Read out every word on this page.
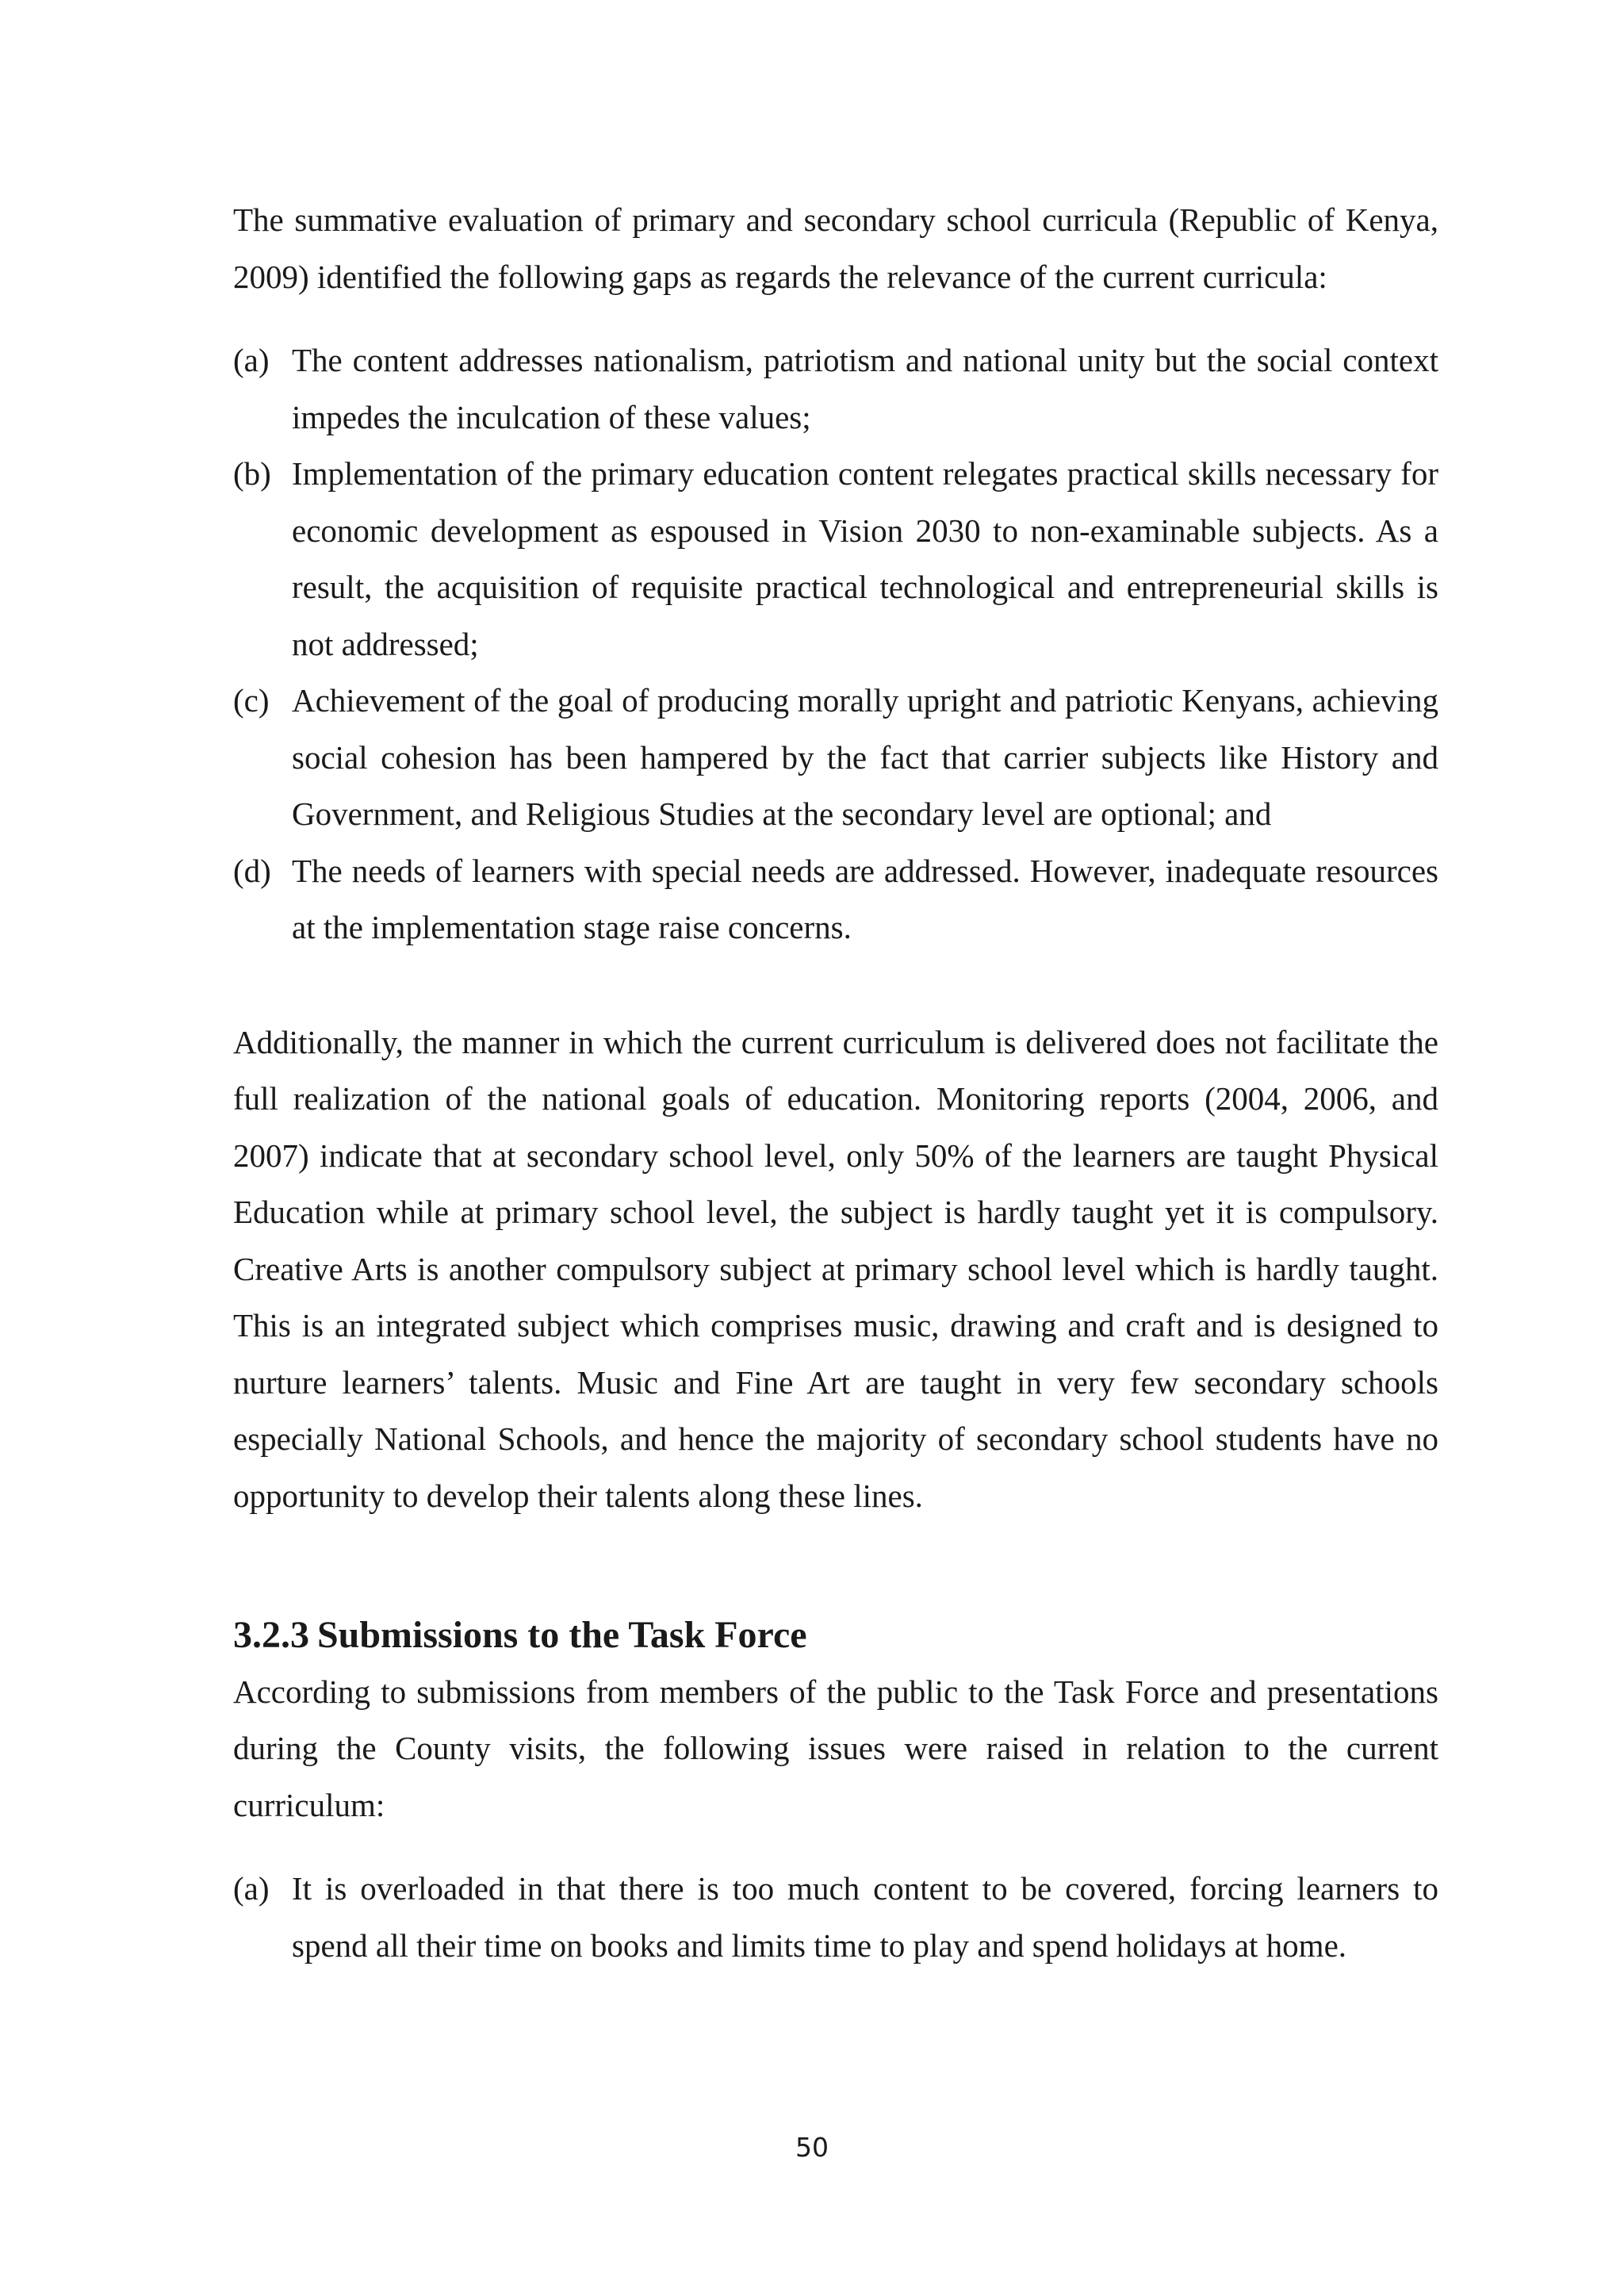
The summative evaluation of primary and secondary school curricula (Republic of Kenya, 2009) identified the following gaps as regards the relevance of the current curricula:

(a) The content addresses nationalism, patriotism and national unity but the social context impedes the inculcation of these values;
(b) Implementation of the primary education content relegates practical skills necessary for economic development as espoused in Vision 2030 to non-examinable subjects. As a result, the acquisition of requisite practical technological and entrepreneurial skills is not addressed;
(c) Achievement of the goal of producing morally upright and patriotic Kenyans, achieving social cohesion has been hampered by the fact that carrier subjects like History and Government, and Religious Studies at the secondary level are optional; and
(d) The needs of learners with special needs are addressed. However, inadequate resources at the implementation stage raise concerns.

Additionally, the manner in which the current curriculum is delivered does not facilitate the full realization of the national goals of education. Monitoring reports (2004, 2006, and 2007) indicate that at secondary school level, only 50% of the learners are taught Physical Education while at primary school level, the subject is hardly taught yet it is compulsory. Creative Arts is another compulsory subject at primary school level which is hardly taught. This is an integrated subject which comprises music, drawing and craft and is designed to nurture learners’ talents. Music and Fine Art are taught in very few secondary schools especially National Schools, and hence the majority of secondary school students have no opportunity to develop their talents along these lines.

3.2.3 Submissions to the Task Force

According to submissions from members of the public to the Task Force and presentations during the County visits, the following issues were raised in relation to the current curriculum:

(a) It is overloaded in that there is too much content to be covered, forcing learners to spend all their time on books and limits time to play and spend holidays at home.
50
